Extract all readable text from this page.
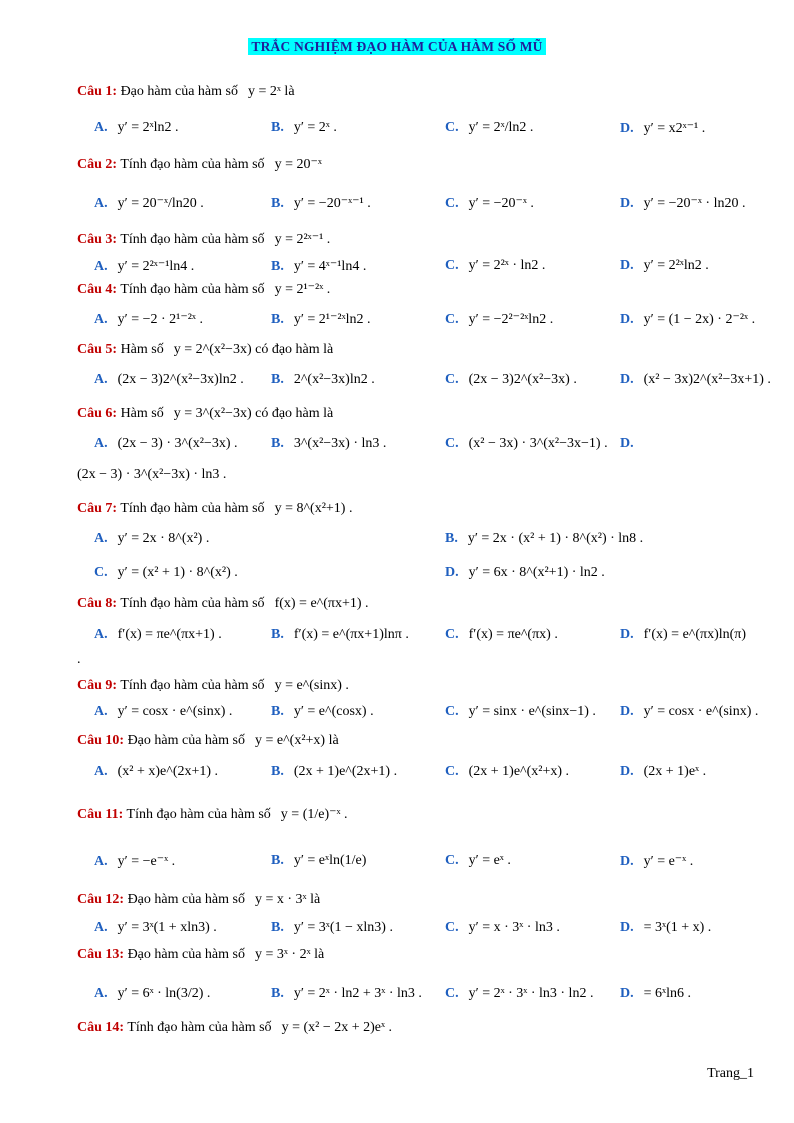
TRẮC NGHIỆM ĐẠO HÀM CỦA HÀM SỐ MŨ
Câu 1: Đạo hàm của hàm số y = 2ˣ là
Câu 2: Tính đạo hàm của hàm số y = 20⁻ˣ
Câu 3: Tính đạo hàm của hàm số y = 2²ˣ⁻¹ .
Câu 4: Tính đạo hàm của hàm số y = 2¹⁻²ˣ .
Câu 5: Hàm số y = 2^(x²−3x) có đạo hàm là
Câu 6: Hàm số y = 3^(x²−3x) có đạo hàm là
Câu 7: Tính đạo hàm của hàm số y = 8^(x²+1) .
Câu 8: Tính đạo hàm của hàm số f(x) = e^(πx+1) .
Câu 9: Tính đạo hàm của hàm số y = e^(sinx) .
Câu 10: Đạo hàm của hàm số y = e^(x²+x) là
Câu 11: Tính đạo hàm của hàm số y = (1/e)⁻ˣ .
Câu 12: Đạo hàm của hàm số y = x · 3ˣ là
Câu 13: Đạo hàm của hàm số y = 3ˣ · 2ˣ là
Câu 14: Tính đạo hàm của hàm số y = (x² − 2x + 2)eˣ .
A. y′ = 2ˣln2 .	B. y′ = 2ˣ .	C. y′ = 2ˣ/ln2 .	D. y′ = x2ˣ⁻¹ .
A. y′ = 20⁻ˣ/ln20 .	B. y′ = −20⁻ˣ⁻¹ .	C. y′ = −20⁻ˣ .	D. y′ = −20⁻ˣ · ln20 .
A. y′ = 2²ˣ⁻¹ln4 .	B. y′ = 4ˣ⁻¹ln4 .	C. y′ = 2²ˣ · ln2 .	D. y′ = 2²ˣln2 .
A. y′ = −2 · 2¹⁻²ˣ .	B. y′ = 2¹⁻²ˣln2 .	C. y′ = −2²⁻²ˣln2 .	D. y′ = (1 − 2x) · 2⁻²ˣ .
A. (2x − 3)2^(x²−3x)ln2 . B. 2^(x²−3x)ln2 .	C. (2x − 3)2^(x²−3x) .	D. (x² − 3x)2^(x²−3x+1) .
A. (2x − 3) · 3^(x²−3x) . B. 3^(x²−3x) · ln3 .	C. (x² − 3x) · 3^(x²−3x−1) . D.
(2x − 3) · 3^(x²−3x) · ln3 .
A. y′ = 2x · 8^(x²) .	B. y′ = 2x · (x² + 1) · 8^(x²) · ln8 .
C. y′ = (x² + 1) · 8^(x²) .	D. y′ = 6x · 8^(x²+1) · ln2 .
A. f′(x) = πe^(πx+1) .	B. f′(x) = e^(πx+1)lnπ .	C. f′(x) = πe^(πx) .	D. f′(x) = e^(πx)ln(π)
.
A. y′ = cosx · e^(sinx) .	B. y′ = e^(cosx) .	C. y′ = sinx · e^(sinx−1) . D. y′ = cosx · e^(sinx) .
A. (x² + x)e^(2x+1) .	B. (2x + 1)e^(2x+1) .	C. (2x + 1)e^(x²+x) .	D. (2x + 1)eˣ .
A. y′ = −e⁻ˣ .	B. y′ = eˣln(1/e)	C. y′ = eˣ .	D. y′ = e⁻ˣ .
A. y′ = 3ˣ(1 + xln3) .	B. y′ = 3ˣ(1 − xln3) .	C. y′ = x · 3ˣ · ln3 .	D. = 3ˣ(1 + x) .
A. y′ = 6ˣ · ln(3/2) .	B. y′ = 2ˣ · ln2 + 3ˣ · ln3 . C. y′ = 2ˣ · 3ˣ · ln3 · ln2 . D. = 6ˣln6 .
Trang_1
